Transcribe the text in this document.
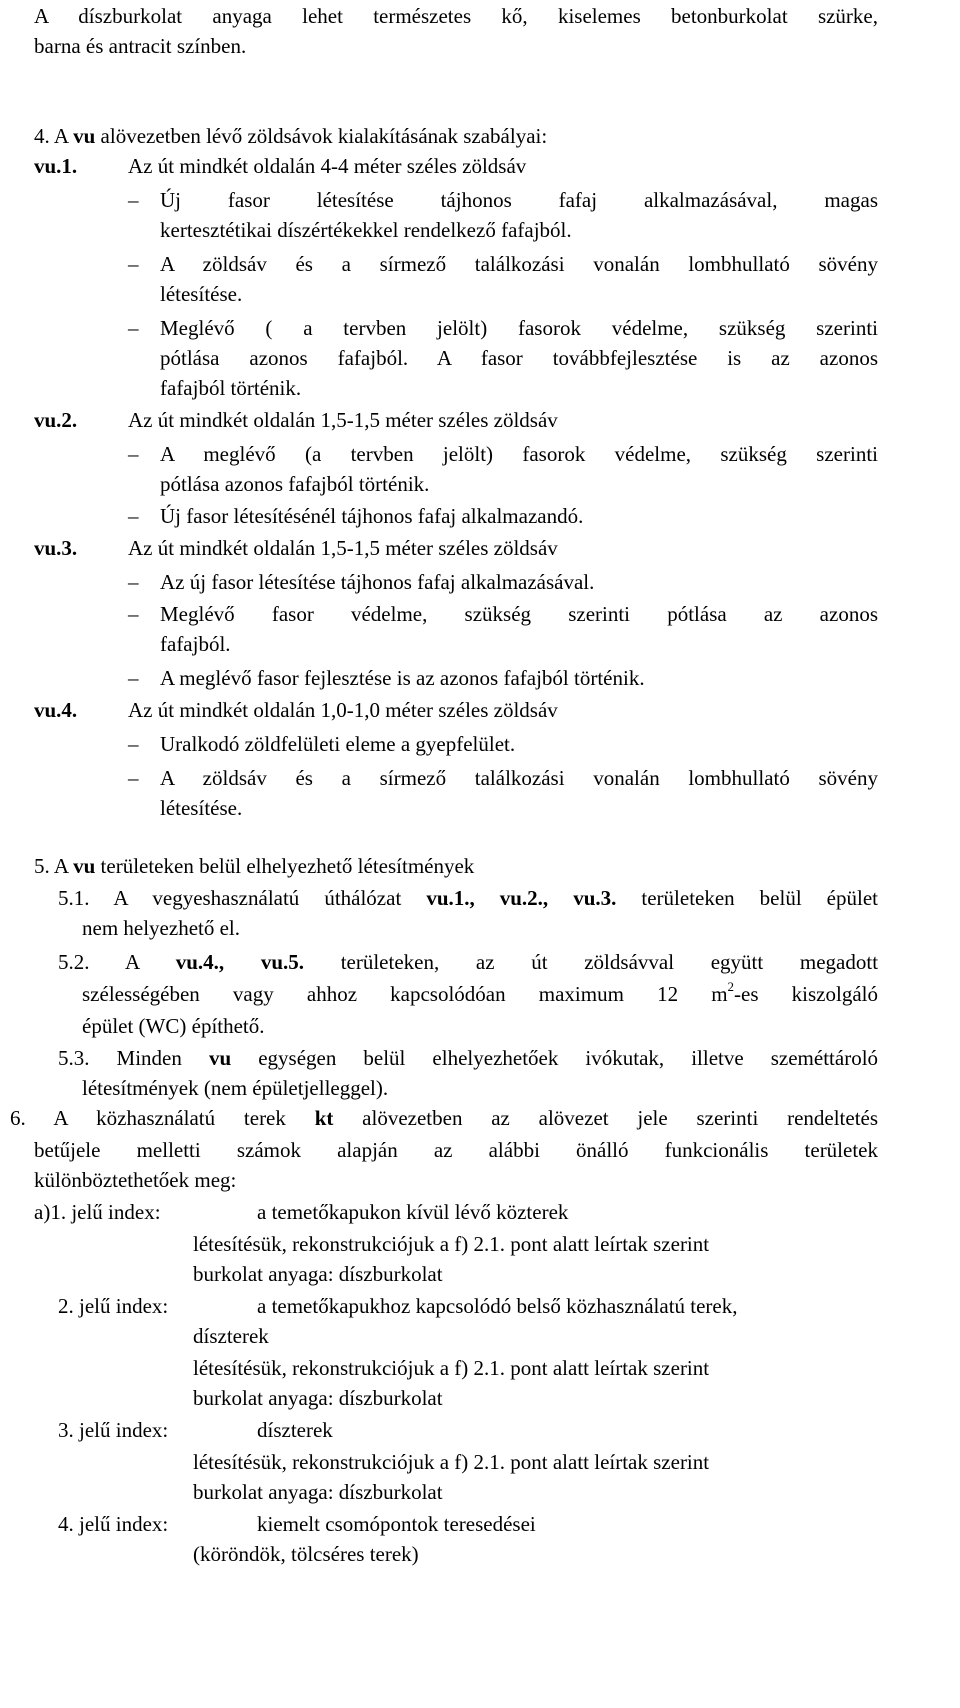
A díszburkolat anyaga lehet természetes kő, kiselemes betonburkolat szürke,
barna és antracit színben.
4. A vu alövezetben lévő zöldsávok kialakításának szabályai:
vu.1. Az út mindkét oldalán 4-4 méter széles zöldsáv
– Új fasor létesítése tájhonos fafaj alkalmazásával, magas
kertesztétikai díszértékekkel rendelkező fafajból.
– A zöldsáv és a sírmező találkozási vonalán lombhullató sövény
létesítése.
– Meglévő ( a tervben jelölt) fasorok védelme, szükség szerinti
pótlása azonos fafajból. A fasor továbbfejlesztése is az azonos
fafajból történik.
vu.2. Az út mindkét oldalán 1,5-1,5 méter széles zöldsáv
– A meglévő (a tervben jelölt) fasorok védelme, szükség szerinti
pótlása azonos fafajból történik.
– Új fasor létesítésénél tájhonos fafaj alkalmazandó.
vu.3. Az út mindkét oldalán 1,5-1,5 méter széles zöldsáv
– Az új fasor létesítése tájhonos fafaj alkalmazásával.
– Meglévő fasor védelme, szükség szerinti pótlása az azonos
fafajból.
– A meglévő fasor fejlesztése is az azonos fafajból történik.
vu.4. Az út mindkét oldalán 1,0-1,0 méter széles zöldsáv
– Uralkodó zöldfelületi eleme a gyepfelület.
– A zöldsáv és a sírmező találkozási vonalán lombhullató sövény
létesítése.
5. A vu területeken belül elhelyezhető létesítmények
5.1. A vegyeshasználatú úthálózat vu.1., vu.2., vu.3. területeken belül épület
nem helyezhető el.
5.2. A vu.4., vu.5. területeken, az út zöldsávval együtt megadott
szélességében vagy ahhoz kapcsolódóan maximum 12 $m^2-es$ kiszolgáló
épület (WC) építhető.
5.3. Minden vu egységen belül elhelyezhetőek ivókutak, illetve szeméttároló
létesítmények (nem épületjelleggel).
6. A közhasználatú terek kt alövezetben az alövezet jele szerinti rendeltetés
betűjele melletti számok alapján az alábbi önálló funkcionális területek
különböztethetőek meg:
a)1. jelű index:	a temetőkapukon kívül lévő közterek
létesítésük, rekonstrukciójuk a f) 2.1. pont alatt leírtak szerint
burkolat anyaga: díszburkolat
2. jelű index:	a temetőkapukhoz kapcsolódó belső közhasználatú terek,
díszterek
létesítésük, rekonstrukciójuk a f) 2.1. pont alatt leírtak szerint
burkolat anyaga: díszburkolat
3. jelű index:	díszterek
létesítésük, rekonstrukciójuk a f) 2.1. pont alatt leírtak szerint
burkolat anyaga: díszburkolat
4. jelű index:	kiemelt csomópontok teresedései
(köröndök, tölcséres terek)
